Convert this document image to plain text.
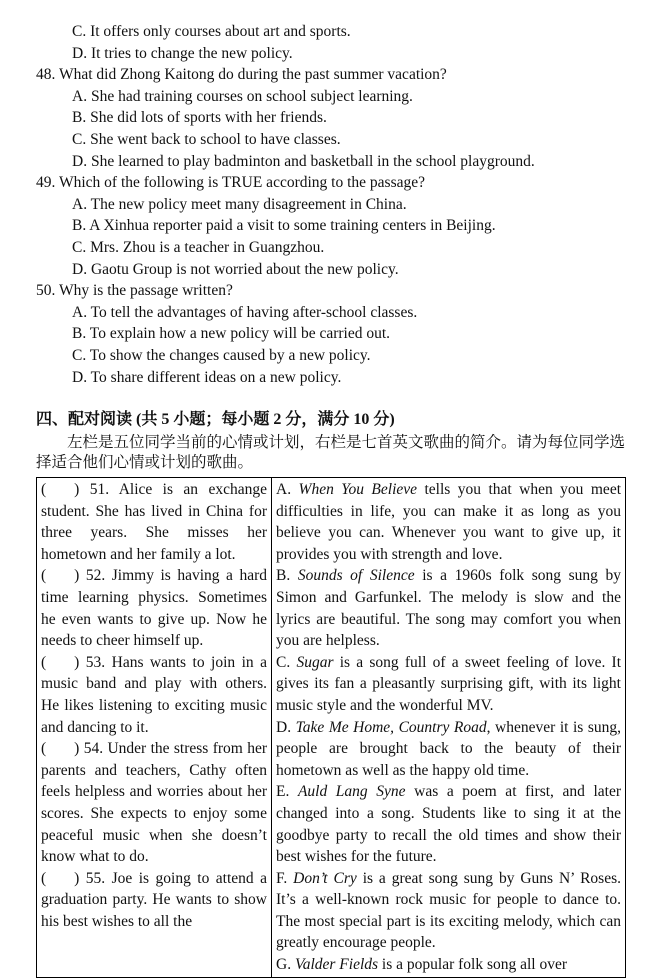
C. It offers only courses about art and sports.
D. It tries to change the new policy.
48. What did Zhong Kaitong do during the past summer vacation?
A. She had training courses on school subject learning.
B. She did lots of sports with her friends.
C. She went back to school to have classes.
D. She learned to play badminton and basketball in the school playground.
49. Which of the following is TRUE according to the passage?
A. The new policy meet many disagreement in China.
B. A Xinhua reporter paid a visit to some training centers in Beijing.
C. Mrs. Zhou is a teacher in Guangzhou.
D. Gaotu Group is not worried about the new policy.
50. Why is the passage written?
A. To tell the advantages of having after-school classes.
B. To explain how a new policy will be carried out.
C. To show the changes caused by a new policy.
D. To share different ideas on a new policy.
四、配对阅读 (共 5 小题；每小题 2 分，满分 10 分)
左栏是五位同学当前的心情或计划，右栏是七首英文歌曲的简介。请为每位同学选择适合他们心情或计划的歌曲。
( ) 51. Alice is an exchange student. She has lived in China for three years. She misses her hometown and her family a lot.
( ) 52. Jimmy is having a hard time learning physics. Sometimes he even wants to give up. Now he needs to cheer himself up.
( ) 53. Hans wants to join in a music band and play with others. He likes listening to exciting music and dancing to it.
( ) 54. Under the stress from her parents and teachers, Cathy often feels helpless and worries about her scores. She expects to enjoy some peaceful music when she doesn’t know what to do.
( ) 55. Joe is going to attend a graduation party. He wants to show his best wishes to all the

A. When You Believe tells you that when you meet difficulties in life, you can make it as long as you believe you can. Whenever you want to give up, it provides you with strength and love.
B. Sounds of Silence is a 1960s folk song sung by Simon and Garfunkel. The melody is slow and the lyrics are beautiful. The song may comfort you when you are helpless.
C. Sugar is a song full of a sweet feeling of love. It gives its fan a pleasantly surprising gift, with its light music style and the wonderful MV.
D. Take Me Home, Country Road, whenever it is sung, people are brought back to the beauty of their hometown as well as the happy old time.
E. Auld Lang Syne was a poem at first, and later changed into a song. Students like to sing it at the goodbye party to recall the old times and show their best wishes for the future.
F. Don’t Cry is a great song sung by Guns N’ Roses. It’s a well-known rock music for people to dance to. The most special part is its exciting melody, which can greatly encourage people.
G. Valder Fields is a popular folk song all over
